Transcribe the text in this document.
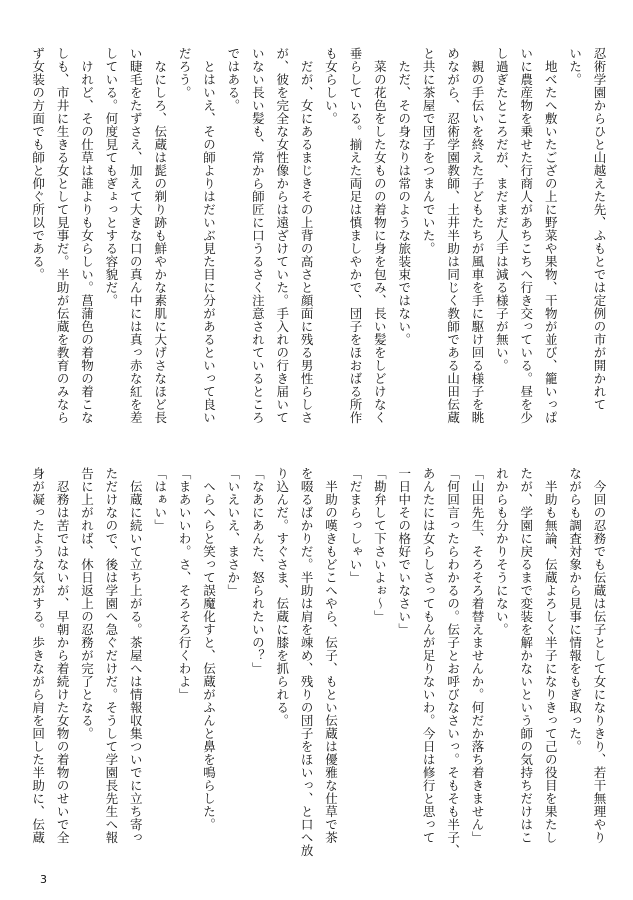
忍術学園からひと山越えた先、ふもとでは定例の市が開かれて
いた。
　地べたへ敷いたござの上に野菜や果物、干物が並び、籠いっぱ
いに農産物を乗せた行商人があちこちへ行き交っている。昼を少
し過ぎたところだが、まだまだ人手は減る様子が無い。
　親の手伝いを終えた子どもたちが風車を手に駆け回る様子を眺
めながら、忍術学園教師、土井半助は同じく教師である山田伝蔵
と共に茶屋で団子をつまんでいた。
　ただ、その身なりは常のような旅装束ではない。
　菜の花色をした女ものの着物に身を包み、長い髪をしどけなく
垂らしている。揃えた両足は慎ましやかで、団子をほおばる所作
も女らしい。
　だが、女にあるまじきその上背の高さと顔面に残る男性らしさ
が、彼を完全な女性像からは遠ざけていた。手入れの行き届いて
いない長い髪も、常から師匠に口うるさく注意されているところ
ではある。
　とはいえ、その師よりはだいぶ見た目に分があるといって良い
だろう。
　なにしろ、伝蔵は髭の剃り跡も鮮やかな素肌に大げさなほど長
い睫毛をたずさえ、加えて大きな口の真ん中には真っ赤な紅を差
している。何度見てもぎょっとする容貌だ。
　けれど、その仕草は誰よりも女らしい。菖蒲色の着物の着こな
しも、市井に生きる女として見事だ。半助が伝蔵を教育のみなら
ず女装の方面でも師と仰ぐ所以である。
　今回の忍務でも伝蔵は伝子として女になりきり、若干無理やり
ながらも調査対象から見事に情報をもぎ取った。
　半助も無論、伝蔵よろしく半子になりきって己の役目を果たし
たが、学園に戻るまで変装を解かないという師の気持ちだけはこ
れからも分かりそうにない。
「山田先生、そろそろ着替えませんか。何だか落ち着きません」
「何回言ったらわかるの。伝子とお呼びなさいっ。そもそも半子、
あんたには女らしさってもんが足りないわ。今日は修行と思って
一日中その格好でいなさい」
「勘弁して下さいよぉ～」
「だまらっしゃい」
　半助の嘆きもどこへやら、伝子、もとい伝蔵は優雅な仕草で茶
を啜るばかりだ。半助は肩を竦め、残りの団子をほいっ、と口へ放
り込んだ。すぐさま、伝蔵に膝を抓られる。
「なあにあんた、怒られたいの？」
「いえいえ、まさか」
　へらへらと笑って誤魔化すと、伝蔵がふんと鼻を鳴らした。
「まあいいわ。さ、そろそろ行くわよ」
「はぁい」
　伝蔵に続いて立ち上がる。茶屋へは情報収集ついでに立ち寄っ
ただけなので、後は学園へ急ぐだけだ。そうして学園長先生へ報
告に上がれば、休日返上の忍務が完了となる。
　忍務は苦ではないが、早朝から着続けた女物の着物のせいで全
身が凝ったような気がする。歩きながら肩を回した半助に、伝蔵
3
